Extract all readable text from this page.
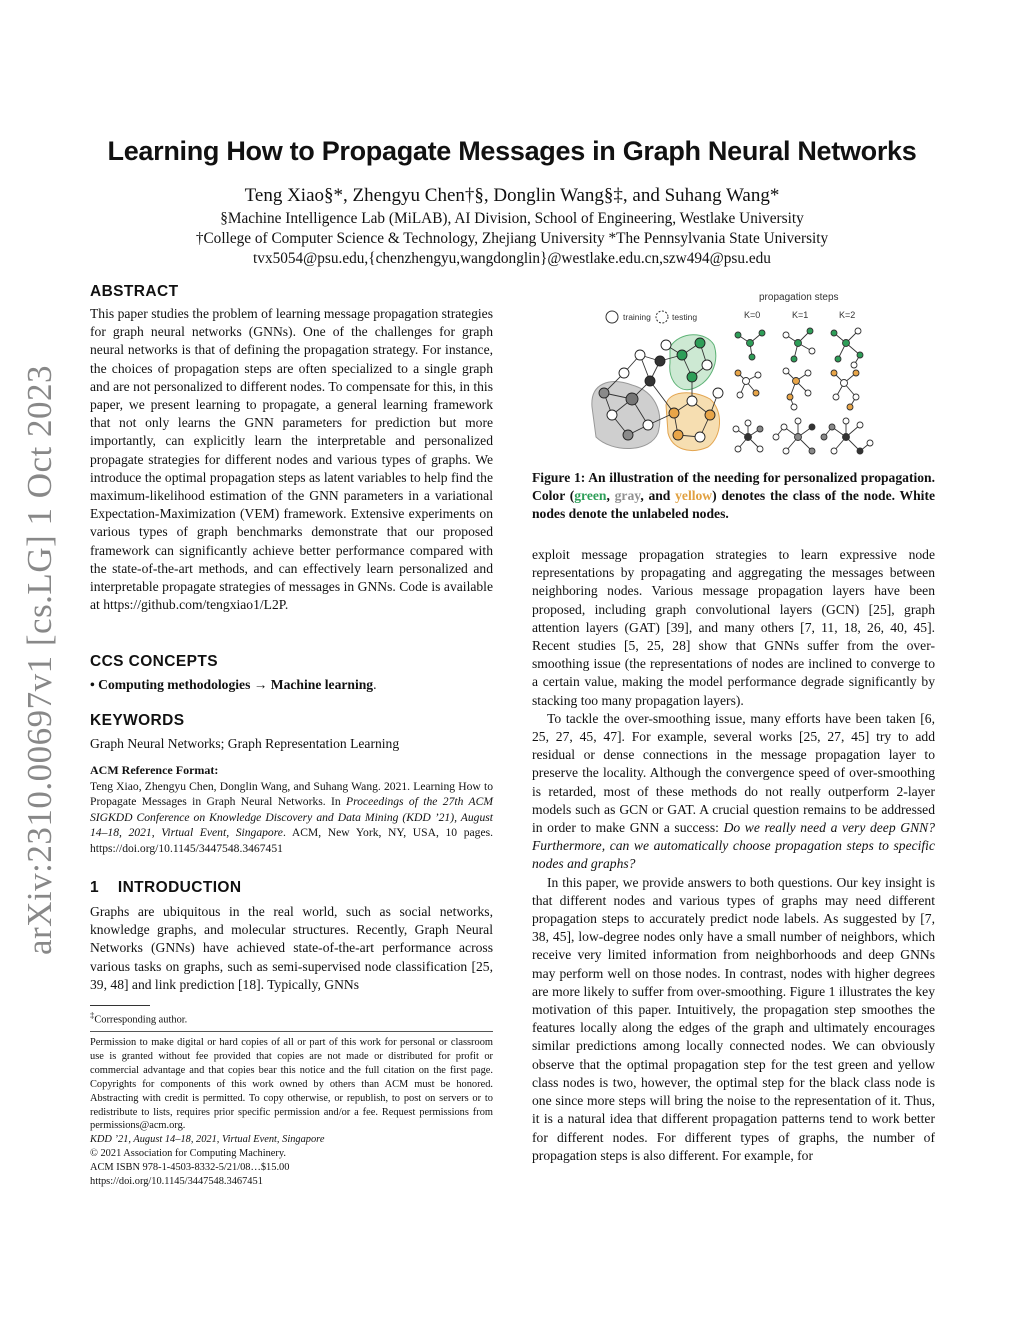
arXiv:2310.00697v1 [cs.LG] 1 Oct 2023
Learning How to Propagate Messages in Graph Neural Networks
Teng Xiao§*, Zhengyu Chen†§, Donglin Wang§‡, and Suhang Wang*
§Machine Intelligence Lab (MiLAB), AI Division, School of Engineering, Westlake University
†College of Computer Science & Technology, Zhejiang University *The Pennsylvania State University
tvx5054@psu.edu,{chenzhengyu,wangdonglin}@westlake.edu.cn,szw494@psu.edu
ABSTRACT

This paper studies the problem of learning message propagation strategies for graph neural networks (GNNs). One of the challenges for graph neural networks is that of defining the propagation strategy. For instance, the choices of propagation steps are often specialized to a single graph and are not personalized to different nodes. To compensate for this, in this paper, we present learning to propagate, a general learning framework that not only learns the GNN parameters for prediction but more importantly, can explicitly learn the interpretable and personalized propagate strategies for different nodes and various types of graphs. We introduce the optimal propagation steps as latent variables to help find the maximum-likelihood estimation of the GNN parameters in a variational Expectation-Maximization (VEM) framework. Extensive experiments on various types of graph benchmarks demonstrate that our proposed framework can significantly achieve better performance compared with the state-of-the-art methods, and can effectively learn personalized and interpretable propagate strategies of messages in GNNs. Code is available at https://github.com/tengxiao1/L2P.

CCS CONCEPTS

• Computing methodologies → Machine learning.

KEYWORDS

Graph Neural Networks; Graph Representation Learning

ACM Reference Format:

Teng Xiao, Zhengyu Chen, Donglin Wang, and Suhang Wang. 2021. Learning How to Propagate Messages in Graph Neural Networks. In Proceedings of the 27th ACM SIGKDD Conference on Knowledge Discovery and Data Mining (KDD ’21), August 14–18, 2021, Virtual Event, Singapore. ACM, New York, NY, USA, 10 pages. https://doi.org/10.1145/3447548.3467451

1 INTRODUCTION

Graphs are ubiquitous in the real world, such as social networks, knowledge graphs, and molecular structures. Recently, Graph Neural Networks (GNNs) have achieved state-of-the-art performance across various tasks on graphs, such as semi-supervised node classification [25, 39, 48] and link prediction [18]. Typically, GNNs

‡Corresponding author.

Permission to make digital or hard copies of all or part of this work for personal or classroom use is granted without fee provided that copies are not made or distributed for profit or commercial advantage and that copies bear this notice and the full citation on the first page. Copyrights for components of this work owned by others than ACM must be honored. Abstracting with credit is permitted. To copy otherwise, or republish, to post on servers or to redistribute to lists, requires prior specific permission and/or a fee. Request permissions from permissions@acm.org.

KDD ’21, August 14–18, 2021, Virtual Event, Singapore

© 2021 Association for Computing Machinery.

ACM ISBN 978-1-4503-8332-5/21/08…$15.00

https://doi.org/10.1145/3447548.3467451

propagation steps
training testing	K=0	K=1	K=2
Figure 1: An illustration of the needing for personalized propagation. Color (green, gray, and yellow) denotes the class of the node. White nodes denote the unlabeled nodes.

exploit message propagation strategies to learn expressive node representations by propagating and aggregating the messages between neighboring nodes. Various message propagation layers have been proposed, including graph convolutional layers (GCN) [25], graph attention layers (GAT) [39], and many others [7, 11, 18, 26, 40, 45]. Recent studies [5, 25, 28] show that GNNs suffer from the over-smoothing issue (the representations of nodes are inclined to converge to a certain value, making the model performance degrade significantly by stacking too many propagation layers).

To tackle the over-smoothing issue, many efforts have been taken [6, 25, 27, 45, 47]. For example, several works [25, 27, 45] try to add residual or dense connections in the message propagation layer to preserve the locality. Although the convergence speed of over-smoothing is retarded, most of these methods do not really outperform 2-layer models such as GCN or GAT. A crucial question remains to be addressed in order to make GNN a success: Do we really need a very deep GNN? Furthermore, can we automatically choose propagation steps to specific nodes and graphs?

In this paper, we provide answers to both questions. Our key insight is that different nodes and various types of graphs may need different propagation steps to accurately predict node labels. As suggested by [7, 38, 45], low-degree nodes only have a small number of neighbors, which receive very limited information from neighborhoods and deep GNNs may perform well on those nodes. In contrast, nodes with higher degrees are more likely to suffer from over-smoothing. Figure 1 illustrates the key motivation of this paper. Intuitively, the propagation step smoothes the features locally along the edges of the graph and ultimately encourages similar predictions among locally connected nodes. We can obviously observe that the optimal propagation step for the test green and yellow class nodes is two, however, the optimal step for the black class node is one since more steps will bring the noise to the representation of it. Thus, it is a natural idea that different propagation patterns tend to work better for different nodes. For different types of graphs, the number of propagation steps is also different. For example, for
